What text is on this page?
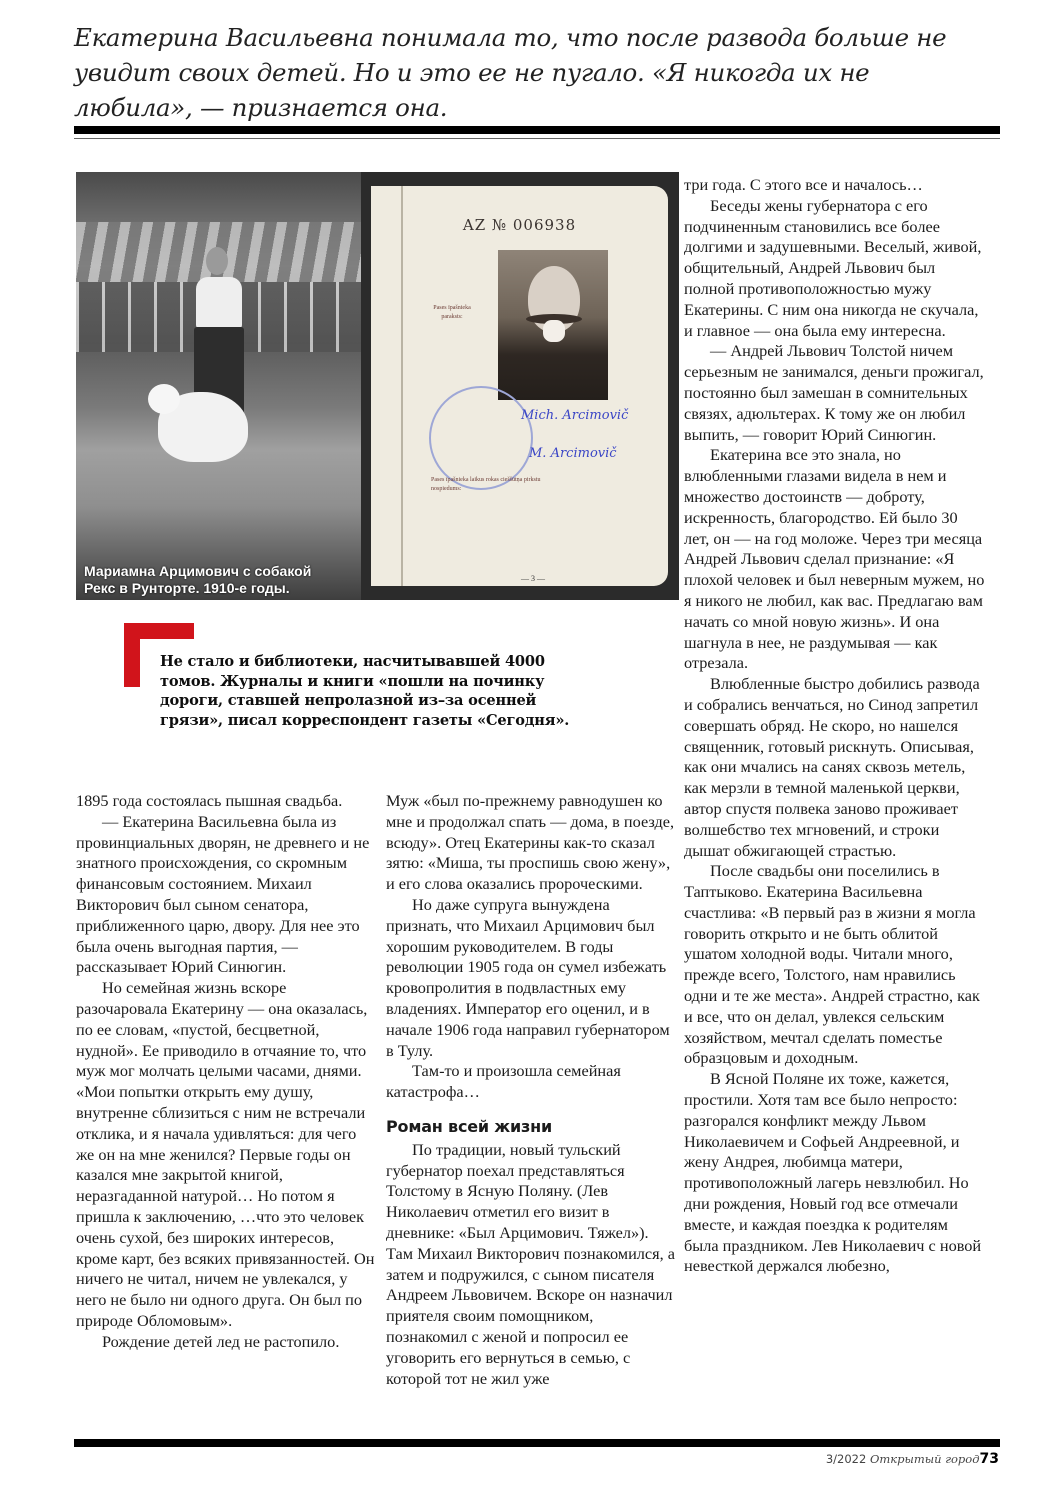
Екатерина Васильевна понимала то, что после развода больше не увидит своих детей. Но и это ее не пугало. «Я никогда их не любила», — признается она.
Мариамна Арцимович с собакой Рекс в Рунторте. 1910-е годы.
AZ № 006938
Pases īpašnieka paraksts:
Mich. Arcimovič
M. Arcimovič
Pases īpašnieka laikus rokas cieššūtņa pirkstu nospiedums:
— 3 —
Не стало и библиотеки, насчитывавшей 4000 томов. Журналы и книги «пошли на починку дороги, ставшей непролазной из–за осенней грязи», писал корреспондент газеты «Сегодня».

1895 года состоялась пышная свадьба.

— Екатерина Васильевна была из провинциальных дворян, не древнего и не знатного происхождения, со скромным финансовым состоянием. Михаил Викторович был сыном сенатора, приближенного царю, двору. Для нее это была очень выгодная партия, — рассказывает Юрий Синюгин.

Но семейная жизнь вскоре разочаровала Екатерину — она оказалась, по ее словам, «пустой, бесцветной, нудной». Ее приводило в отчаяние то, что муж мог молчать целыми часами, днями. «Мои попытки открыть ему душу, внутренне сблизиться с ним не встречали отклика, и я начала удивляться: для чего же он на мне женился? Первые годы он казался мне закрытой книгой, неразгаданной натурой… Но потом я пришла к заключению, …что это человек очень сухой, без широких интересов, кроме карт, без всяких привязанностей. Он ничего не читал, ничем не увлекался, у него не было ни одного друга. Он был по природе Обломовым».

Рождение детей лед не растопило.

Муж «был по-прежнему равнодушен ко мне и продолжал спать — дома, в поезде, всюду». Отец Екатерины как-то сказал зятю: «Миша, ты проспишь свою жену», и его слова оказались пророческими.

Но даже супруга вынуждена признать, что Михаил Арцимович был хорошим руководителем. В годы революции 1905 года он сумел избежать кровопролития в подвластных ему владениях. Император его оценил, и в начале 1906 года направил губернатором в Тулу.

Там-то и произошла семейная катастрофа…

Роман всей жизни

По традиции, новый тульский губернатор поехал представляться Толстому в Ясную Поляну. (Лев Николаевич отметил его визит в дневнике: «Был Арцимович. Тяжел»). Там Михаил Викторович познакомился, а затем и подружился, с сыном писателя Андреем Львовичем. Вскоре он назначил приятеля своим помощником, познакомил с женой и попросил ее уговорить его вернуться в семью, с которой тот не жил уже

три года. С этого все и началось…

Беседы жены губернатора с его подчиненным становились все более долгими и задушевными. Веселый, живой, общительный, Андрей Львович был полной противоположностью мужу Екатерины. С ним она никогда не скучала, и главное — она была ему интересна.

— Андрей Львович Толстой ничем серьезным не занимался, деньги прожигал, постоянно был замешан в сомнительных связях, адюльтерах. К тому же он любил выпить, — говорит Юрий Синюгин.

Екатерина все это знала, но влюбленными глазами видела в нем и множество достоинств — доброту, искренность, благородство. Ей было 30 лет, он — на год моложе. Через три месяца Андрей Львович сделал признание: «Я плохой человек и был неверным мужем, но я никого не любил, как вас. Предлагаю вам начать со мной новую жизнь». И она шагнула в нее, не раздумывая — как отрезала.

Влюбленные быстро добились развода и собрались венчаться, но Синод запретил совершать обряд. Не скоро, но нашелся священник, готовый рискнуть. Описывая, как они мчались на санях сквозь метель, как мерзли в темной маленькой церкви, автор спустя полвека заново проживает волшебство тех мгновений, и строки дышат обжигающей страстью.

После свадьбы они поселились в Таптыково. Екатерина Васильевна счастлива: «В первый раз в жизни я могла говорить открыто и не быть облитой ушатом холодной воды. Читали много, прежде всего, Толстого, нам нравились одни и те же места». Андрей страстно, как и все, что он делал, увлекся сельским хозяйством, мечтал сделать поместье образцовым и доходным.

В Ясной Поляне их тоже, кажется, простили. Хотя там все было непросто: разгорался конфликт между Львом Николаевичем и Софьей Андреевной, и жену Андрея, любимца матери, противоположный лагерь невзлюбил. Но дни рождения, Новый год все отмечали вместе, и каждая поездка к родителям была праздником. Лев Николаевич с новой невесткой держался любезно,

3/2022 Открытый город73
